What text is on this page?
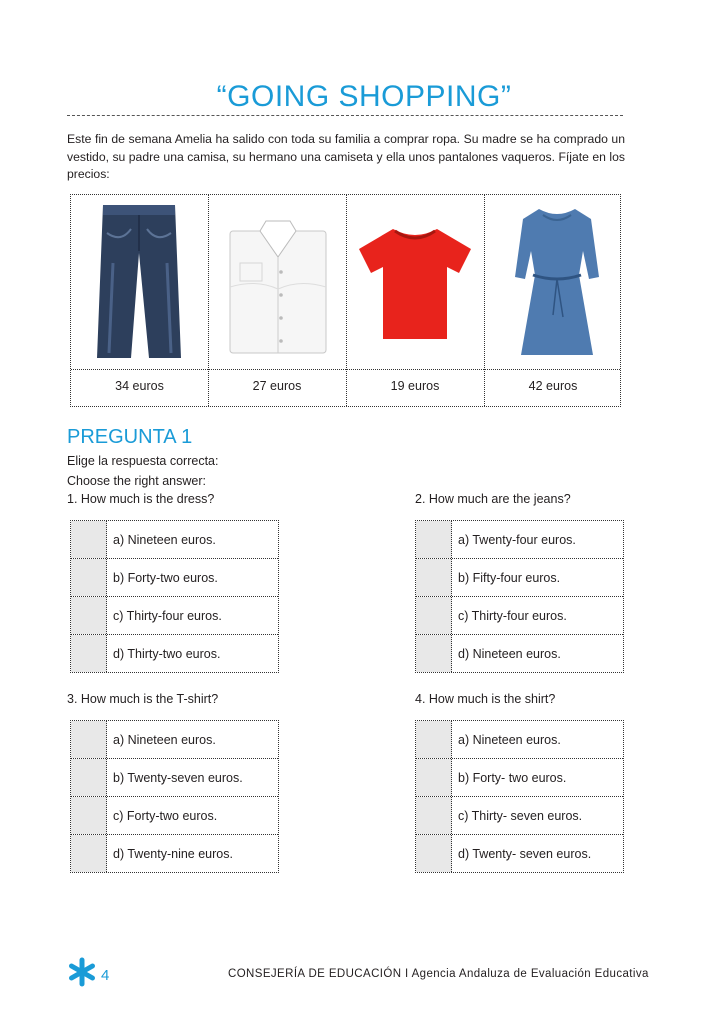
“GOING SHOPPING”
Este fin de semana Amelia ha salido con toda su familia a comprar ropa. Su madre se ha comprado un vestido, su padre una camisa, su hermano una camiseta y ella unos pantalones vaqueros. Fíjate en los precios:
34 euros	27 euros	19 euros	42 euros
PREGUNTA 1
Elige la respuesta correcta:
Choose the right answer:
1. How much is the dress?
a) Nineteen euros.
b) Forty-two euros.
c) Thirty-four euros.
d) Thirty-two euros.
2. How much are the jeans?
a) Twenty-four euros.
b) Fifty-four euros.
c) Thirty-four euros.
d) Nineteen euros.
3. How much is the T-shirt?
a) Nineteen euros.
b) Twenty-seven euros.
c) Forty-two euros.
d) Twenty-nine euros.
4. How much is the shirt?
a) Nineteen euros.
b) Forty- two euros.
c) Thirty- seven euros.
d) Twenty- seven euros.
4	CONSEJERÍA DE EDUCACIÓN I Agencia Andaluza de Evaluación Educativa
